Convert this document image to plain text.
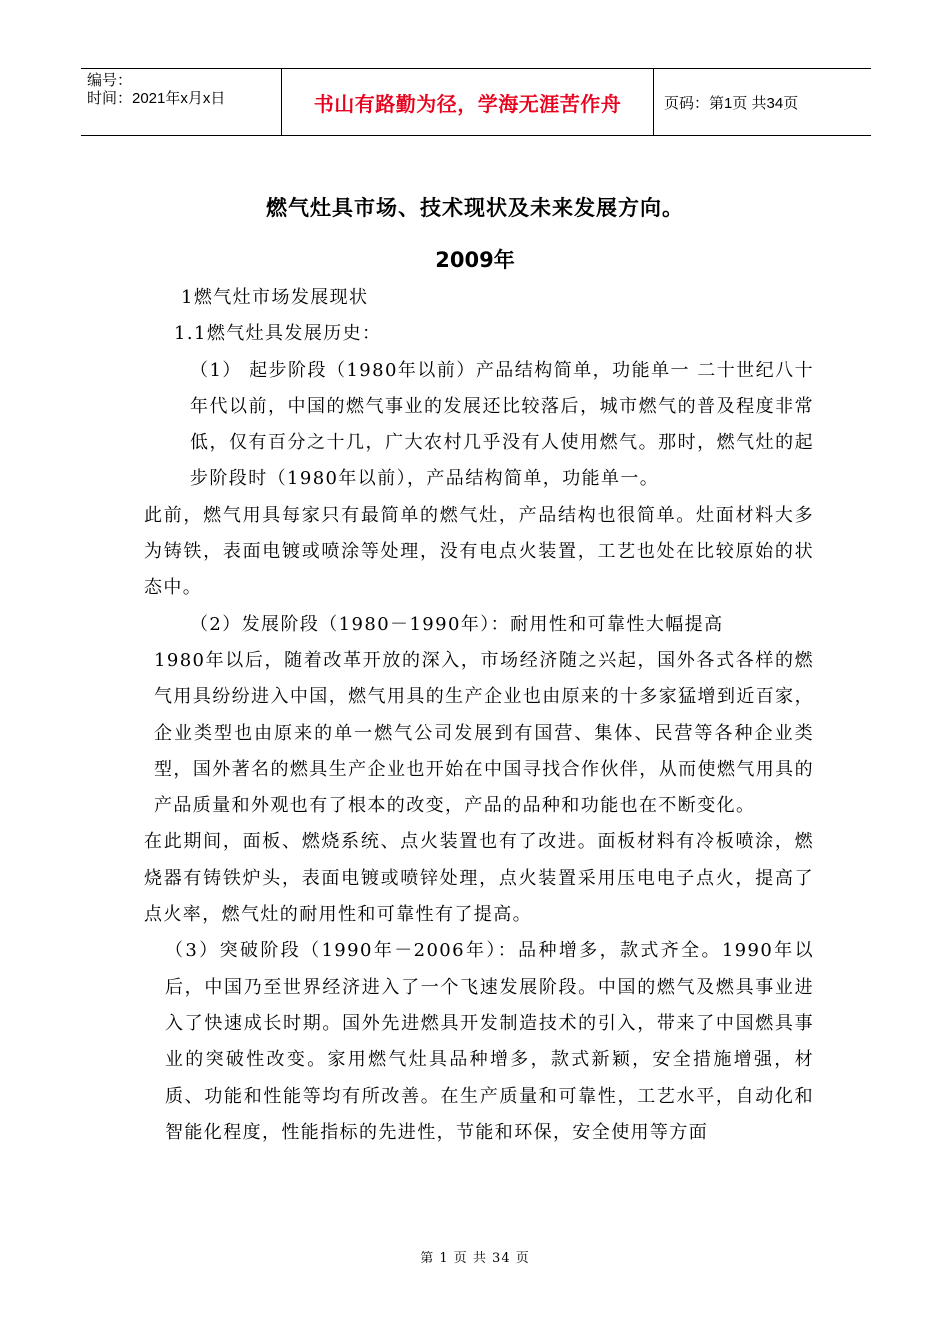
编号：
时间：2021年x月x日	书山有路勤为径，学海无涯苦作舟	页码：第1页 共34页
燃气灶具市场、技术现状及未来发展方向。
2009年

1燃气灶市场发展现状

1.1燃气灶具发展历史：

（1） 起步阶段（1980年以前）产品结构简单，功能单一 二十世纪八十年代以前，中国的燃气事业的发展还比较落后，城市燃气的普及程度非常低，仅有百分之十几，广大农村几乎没有人使用燃气。那时，燃气灶的起步阶段时（1980年以前），产品结构简单，功能单一。

此前，燃气用具每家只有最简单的燃气灶，产品结构也很简单。灶面材料大多为铸铁，表面电镀或喷涂等处理，没有电点火装置，工艺也处在比较原始的状态中。

（2）发展阶段（1980－1990年）：耐用性和可靠性大幅提高

1980年以后，随着改革开放的深入，市场经济随之兴起，国外各式各样的燃气用具纷纷进入中国，燃气用具的生产企业也由原来的十多家猛增到近百家，企业类型也由原来的单一燃气公司发展到有国营、集体、民营等各种企业类型，国外著名的燃具生产企业也开始在中国寻找合作伙伴，从而使燃气用具的产品质量和外观也有了根本的改变，产品的品种和功能也在不断变化。

在此期间，面板、燃烧系统、点火装置也有了改进。面板材料有冷板喷涂，燃烧器有铸铁炉头，表面电镀或喷锌处理，点火装置采用压电电子点火，提高了点火率，燃气灶的耐用性和可靠性有了提高。

（3）突破阶段（1990年－2006年）：品种增多，款式齐全。1990年以后，中国乃至世界经济进入了一个飞速发展阶段。中国的燃气及燃具事业进入了快速成长时期。国外先进燃具开发制造技术的引入，带来了中国燃具事业的突破性改变。家用燃气灶具品种增多，款式新颖，安全措施增强，材质、功能和性能等均有所改善。在生产质量和可靠性，工艺水平，自动化和智能化程度，性能指标的先进性，节能和环保，安全使用等方面

第 1 页 共 34 页
